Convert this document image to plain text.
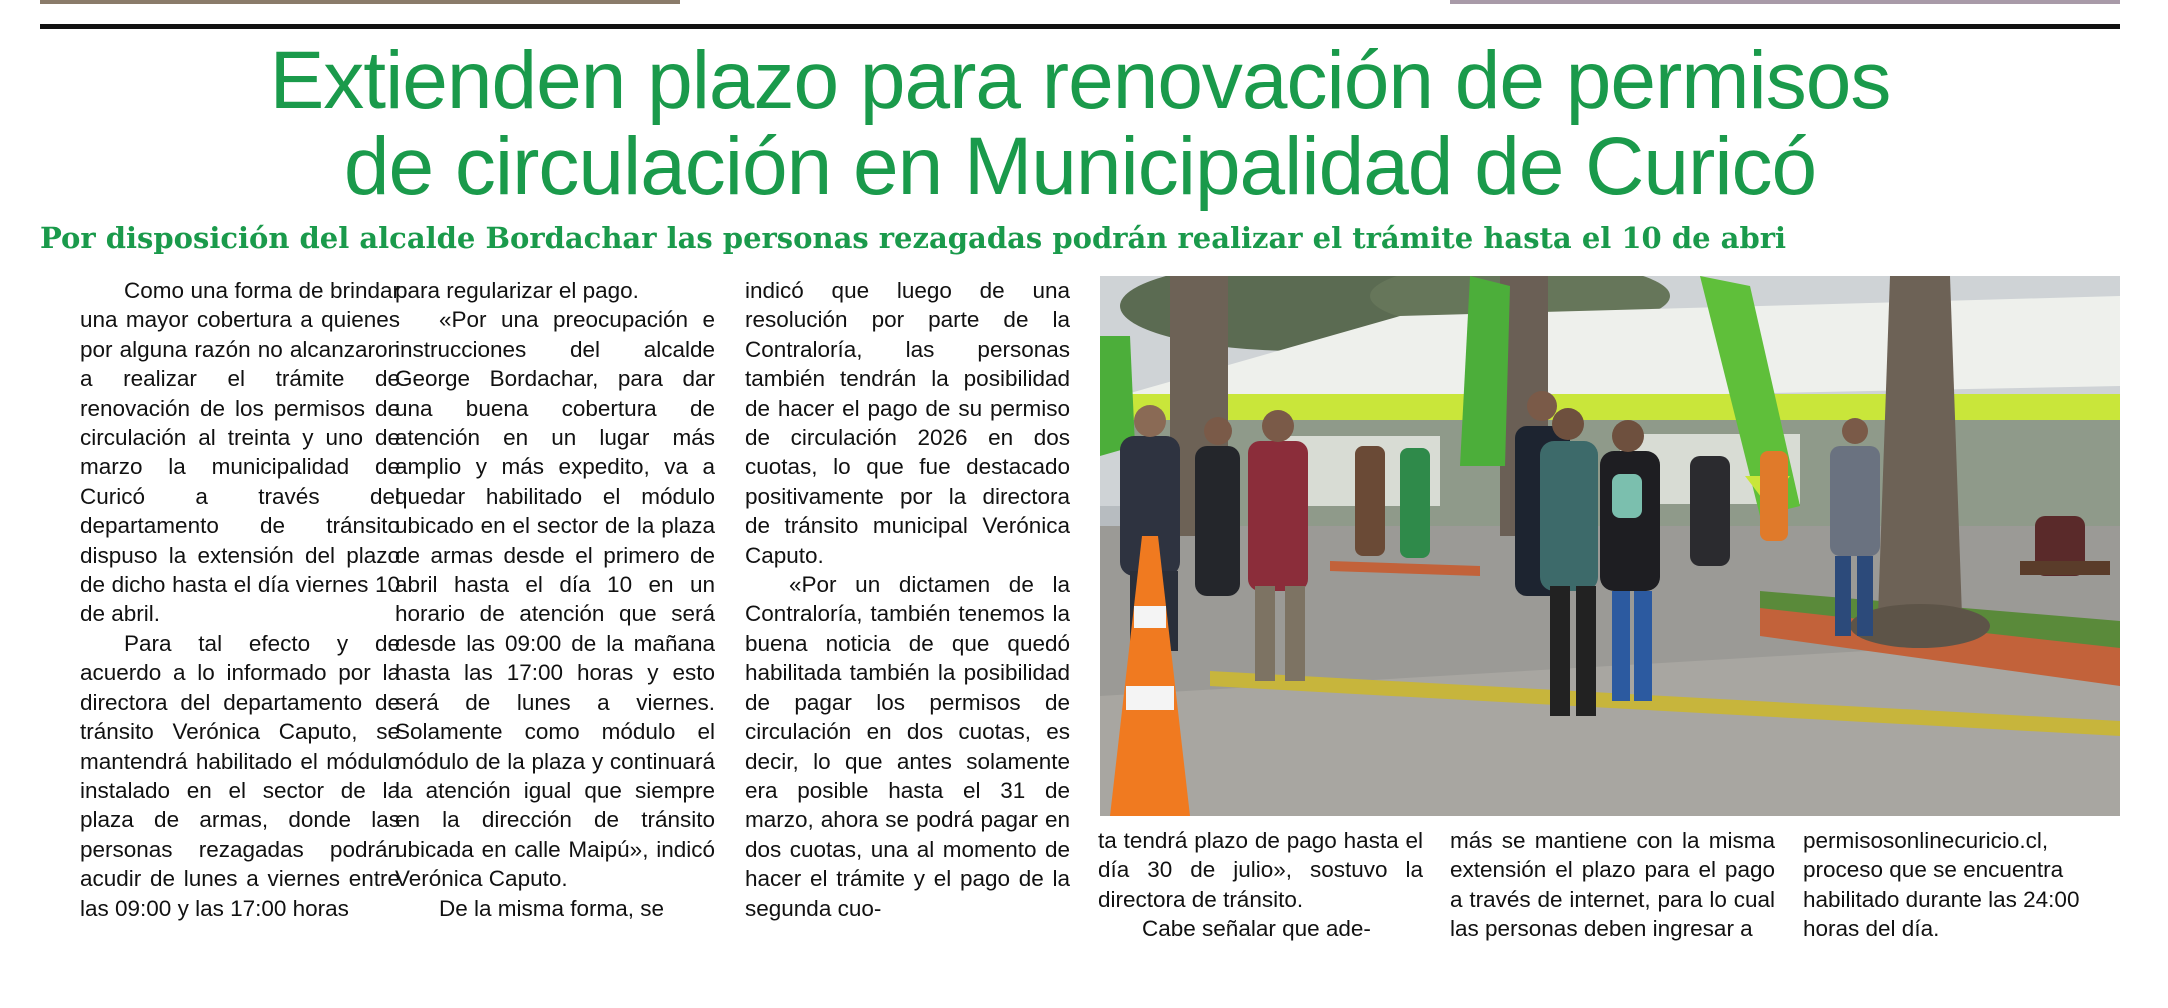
Extienden plazo para renovación de permisos
de circulación en Municipalidad de Curicó

Por disposición del alcalde Bordachar las personas rezagadas podrán realizar el trámite hasta el 10 de abri

Como una forma de brindar una mayor cobertura a quienes por alguna razón no alcanzaron a realizar el trámite de renovación de los permisos de circulación al treinta y uno de marzo la municipalidad de Curicó a través del departamento de tránsito dispuso la extensión del plazo de dicho hasta el día viernes 10 de abril.

Para tal efecto y de acuerdo a lo informado por la directora del departamento de tránsito Verónica Caputo, se mantendrá habilitado el módulo instalado en el sector de la plaza de armas, donde las personas rezagadas podrán acudir de lunes a viernes entre las 09:00 y las 17:00 horas

para regularizar el pago.

«Por una preocupación e instrucciones del alcalde George Bordachar, para dar una buena cobertura de atención en un lugar más amplio y más expedito, va a quedar habilitado el módulo ubicado en el sector de la plaza de armas desde el primero de abril hasta el día 10 en un horario de atención que será desde las 09:00 de la mañana hasta las 17:00 horas y esto será de lunes a viernes. Solamente como módulo el módulo de la plaza y continuará la atención igual que siempre en la dirección de tránsito ubicada en calle Maipú», indicó Verónica Caputo.

De la misma forma, se

indicó que luego de una resolución por parte de la Contraloría, las personas también tendrán la posibilidad de hacer el pago de su permiso de circulación 2026 en dos cuotas, lo que fue destacado positivamente por la directora de tránsito municipal Verónica Caputo.

«Por un dictamen de la Contraloría, también tenemos la buena noticia de que quedó habilitada también la posibilidad de pagar los permisos de circulación en dos cuotas, es decir, lo que antes solamente era posible hasta el 31 de marzo, ahora se podrá pagar en dos cuotas, una al momento de hacer el trámite y el pago de la segunda cuo-

ta tendrá plazo de pago hasta el día 30 de julio», sostuvo la directora de tránsito.

Cabe señalar que ade-

más se mantiene con la misma extensión el plazo para el pago a través de internet, para lo cual las personas deben ingresar a

permisosonlinecuricio.cl, proceso que se encuentra habilitado durante las 24:00 horas del día.
